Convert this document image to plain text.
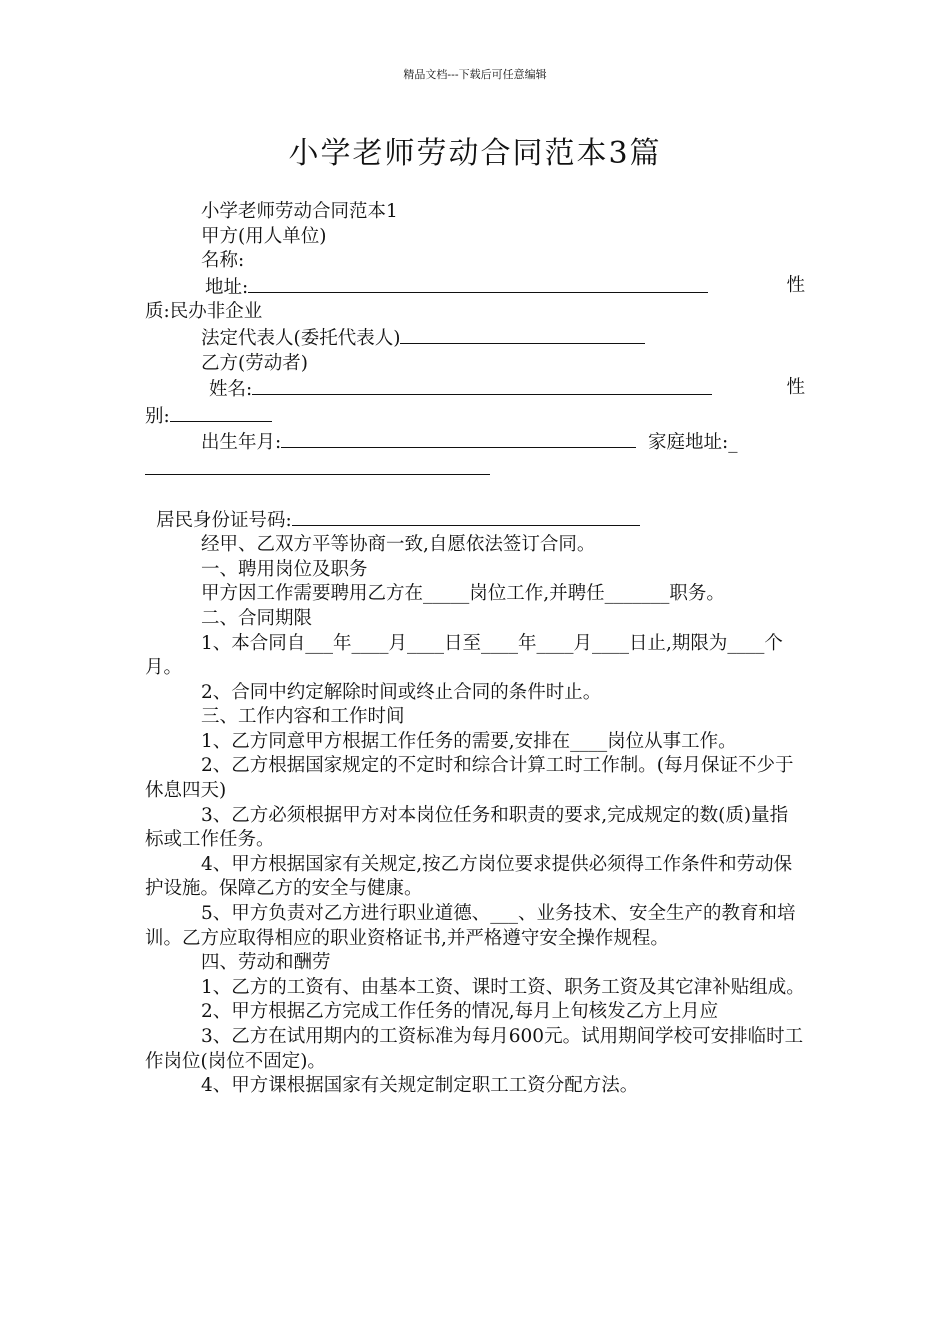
精品文档---下载后可任意编辑
小学老师劳动合同范本3篇

小学老师劳动合同范本1

甲方(用人单位)

名称:

地址:	性

质:民办非企业

法定代表人(委托代表人)

乙方(劳动者)

姓名:	性

别:

出生年月:	家庭地址:_

居民身份证号码:

经甲、乙双方平等协商一致,自愿依法签订合同。

一、聘用岗位及职务

甲方因工作需要聘用乙方在_____岗位工作,并聘任_______职务。

二、合同期限

1、本合同自___年____月____日至____年____月____日止,期限为____个月。

2、合同中约定解除时间或终止合同的条件时止。

三、工作内容和工作时间

1、乙方同意甲方根据工作任务的需要,安排在____岗位从事工作。

2、乙方根据国家规定的不定时和综合计算工时工作制。(每月保证不少于休息四天)

3、乙方必须根据甲方对本岗位任务和职责的要求,完成规定的数(质)量指标或工作任务。

4、甲方根据国家有关规定,按乙方岗位要求提供必须得工作条件和劳动保护设施。保障乙方的安全与健康。

5、甲方负责对乙方进行职业道德、___、业务技术、安全生产的教育和培训。乙方应取得相应的职业资格证书,并严格遵守安全操作规程。

四、劳动和酬劳

1、乙方的工资有、由基本工资、课时工资、职务工资及其它津补贴组成。

2、甲方根据乙方完成工作任务的情况,每月上旬核发乙方上月应

3、乙方在试用期内的工资标准为每月600元。试用期间学校可安排临时工作岗位(岗位不固定)。

4、甲方课根据国家有关规定制定职工工资分配方法。
